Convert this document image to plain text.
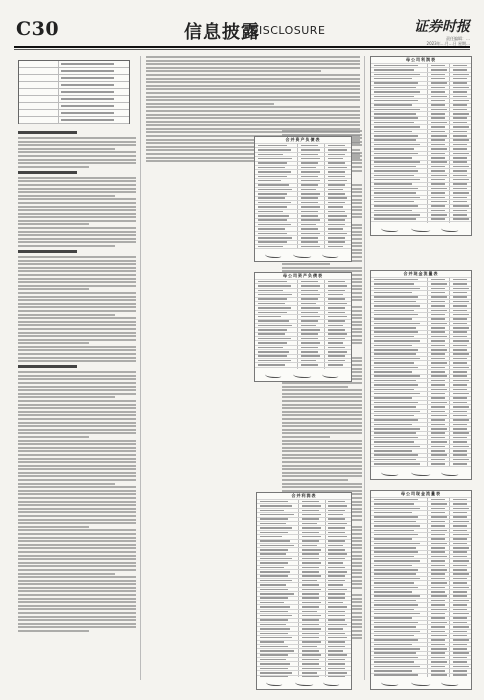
C30	信息披露
DISCLOSURE	证券时报
责任编辑：…
2023年…月…日 星期…
合并资产负债表
母公司资产负债表
合并利润表
母公司利润表
合并现金流量表
母公司现金流量表
